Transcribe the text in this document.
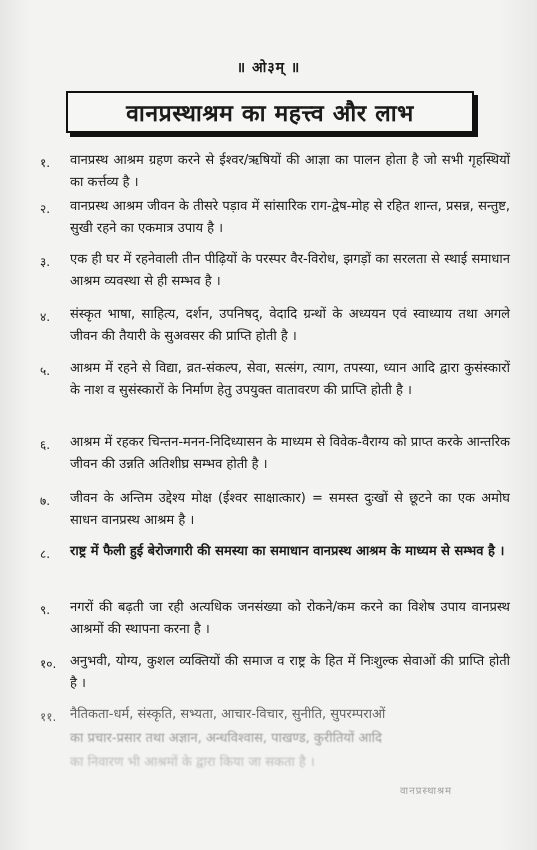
॥ ओ३म् ॥
वानप्रस्थाश्रम का महत्त्व और लाभ
१.	वानप्रस्थ आश्रम ग्रहण करने से ईश्वर/ऋषियों की आज्ञा का पालन होता है जो सभी गृहस्थियों का कर्त्तव्य है ।
२.	वानप्रस्थ आश्रम जीवन के तीसरे पड़ाव में सांसारिक राग-द्वेष-मोह से रहित शान्त, प्रसन्न, सन्तुष्ट, सुखी रहने का एकमात्र उपाय है ।
३.	एक ही घर में रहनेवाली तीन पीढ़ियों के परस्पर वैर-विरोध, झगड़ों का सरलता से स्थाई समाधान आश्रम व्यवस्था से ही सम्भव है ।
४.	संस्कृत भाषा, साहित्य, दर्शन, उपनिषद्, वेदादि ग्रन्थों के अध्ययन एवं स्वाध्याय तथा अगले जीवन की तैयारी के सुअवसर की प्राप्ति होती है ।
५.	आश्रम में रहने से विद्या, व्रत-संकल्प, सेवा, सत्संग, त्याग, तपस्या, ध्यान आदि द्वारा कुसंस्कारों के नाश व सुसंस्कारों के निर्माण हेतु उपयुक्त वातावरण की प्राप्ति होती है ।
६.	आश्रम में रहकर चिन्तन-मनन-निदिध्यासन के माध्यम से विवेक-वैराग्य को प्राप्त करके आन्तरिक जीवन की उन्नति अतिशीघ्र सम्भव होती है ।
७.	जीवन के अन्तिम उद्देश्य मोक्ष (ईश्वर साक्षात्कार) = समस्त दुःखों से छूटने का एक अमोघ साधन वानप्रस्थ आश्रम है ।
८.	राष्ट्र में फैली हुई बेरोजगारी की समस्या का समाधान वानप्रस्थ आश्रम के माध्यम से सम्भव है ।
९.	नगरों की बढ़ती जा रही अत्यधिक जनसंख्या को रोकने/कम करने का विशेष उपाय वानप्रस्थ आश्रमों की स्थापना करना है ।
१०.	अनुभवी, योग्य, कुशल व्यक्तियों की समाज व राष्ट्र के हित में निःशुल्क सेवाओं की प्राप्ति होती है ।
११.	नैतिकता-धर्म, संस्कृति, सभ्यता, आचार-विचार, सुनीति, सुपरम्पराओं
का प्रचार-प्रसार तथा अज्ञान, अन्धविश्वास, पाखण्ड, कुरीतियों आदि
का निवारण भी आश्रमों के द्वारा किया जा सकता है ।
वानप्रस्थाश्रम
